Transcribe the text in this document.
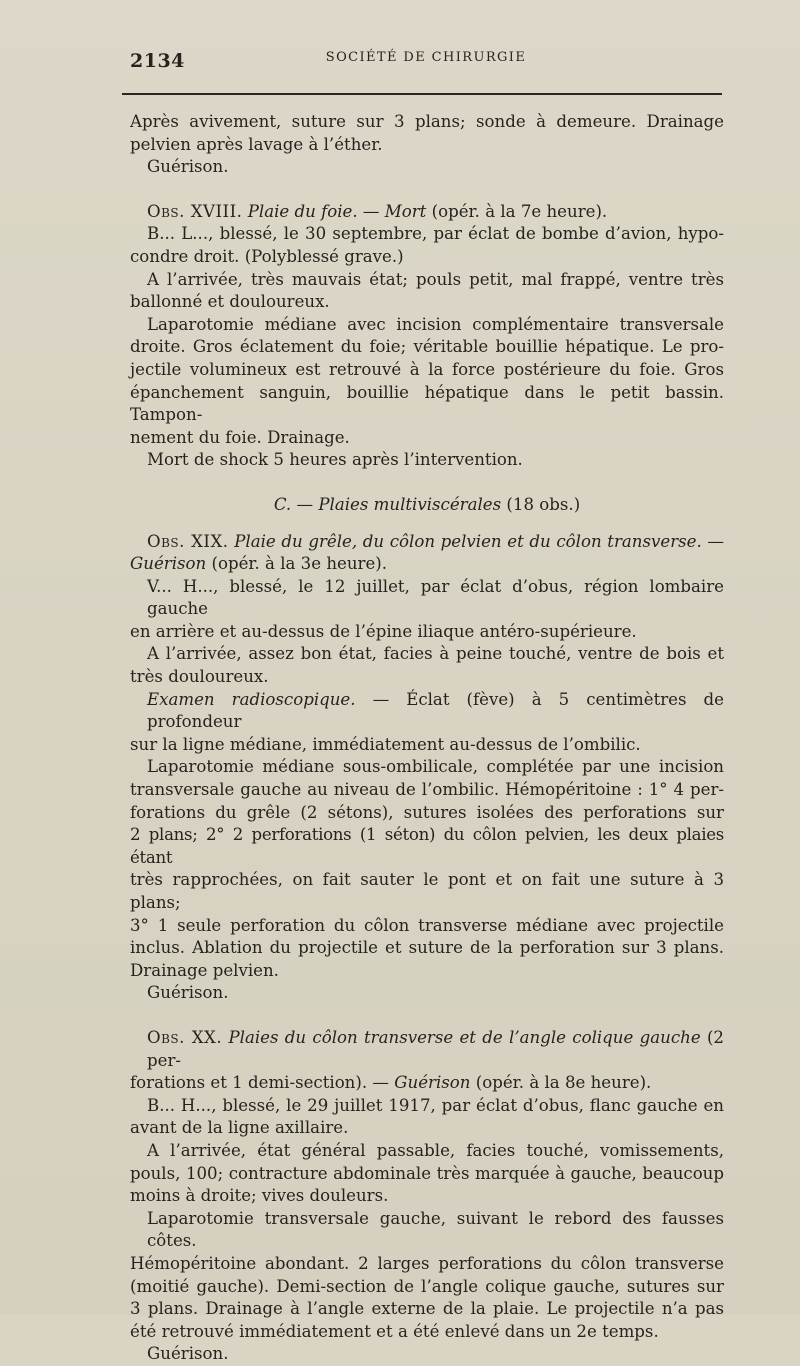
2134	SOCIÉTÉ DE CHIRURGIE
Après avivement, suture sur 3 plans; sonde à demeure. Drainage
pelvien après lavage à l’éther.
Guérison.
Obs. XVIII. Plaie du foie. — Mort (opér. à la 7e heure).
B... L..., blessé, le 30 septembre, par éclat de bombe d’avion, hypo-
condre droit. (Polyblessé grave.)
A l’arrivée, très mauvais état; pouls petit, mal frappé, ventre très
ballonné et douloureux.
Laparotomie médiane avec incision complémentaire transversale
droite. Gros éclatement du foie; véritable bouillie hépatique. Le pro-
jectile volumineux est retrouvé à la force postérieure du foie. Gros
épanchement sanguin, bouillie hépatique dans le petit bassin. Tampon-
nement du foie. Drainage.
Mort de shock 5 heures après l’intervention.
C. — Plaies multiviscérales (18 obs.)
Obs. XIX. Plaie du grêle, du côlon pelvien et du côlon transverse. —
Guérison (opér. à la 3e heure).
V... H..., blessé, le 12 juillet, par éclat d’obus, région lombaire gauche
en arrière et au-dessus de l’épine iliaque antéro-supérieure.
A l’arrivée, assez bon état, facies à peine touché, ventre de bois et
très douloureux.
Examen radioscopique. — Éclat (fève) à 5 centimètres de profondeur
sur la ligne médiane, immédiatement au-dessus de l’ombilic.
Laparotomie médiane sous-ombilicale, complétée par une incision
transversale gauche au niveau de l’ombilic. Hémopéritoine : 1° 4 per-
forations du grêle (2 sétons), sutures isolées des perforations sur
2 plans; 2° 2 perforations (1 séton) du côlon pelvien, les deux plaies étant
très rapprochées, on fait sauter le pont et on fait une suture à 3 plans;
3° 1 seule perforation du côlon transverse médiane avec projectile
inclus. Ablation du projectile et suture de la perforation sur 3 plans.
Drainage pelvien.
Guérison.
Obs. XX. Plaies du côlon transverse et de l’angle colique gauche (2 per-
forations et 1 demi-section). — Guérison (opér. à la 8e heure).
B... H..., blessé, le 29 juillet 1917, par éclat d’obus, flanc gauche en
avant de la ligne axillaire.
A l’arrivée, état général passable, facies touché, vomissements,
pouls, 100; contracture abdominale très marquée à gauche, beaucoup
moins à droite; vives douleurs.
Laparotomie transversale gauche, suivant le rebord des fausses côtes.
Hémopéritoine abondant. 2 larges perforations du côlon transverse
(moitié gauche). Demi-section de l’angle colique gauche, sutures sur
3 plans. Drainage à l’angle externe de la plaie. Le projectile n’a pas
été retrouvé immédiatement et a été enlevé dans un 2e temps.
Guérison.
